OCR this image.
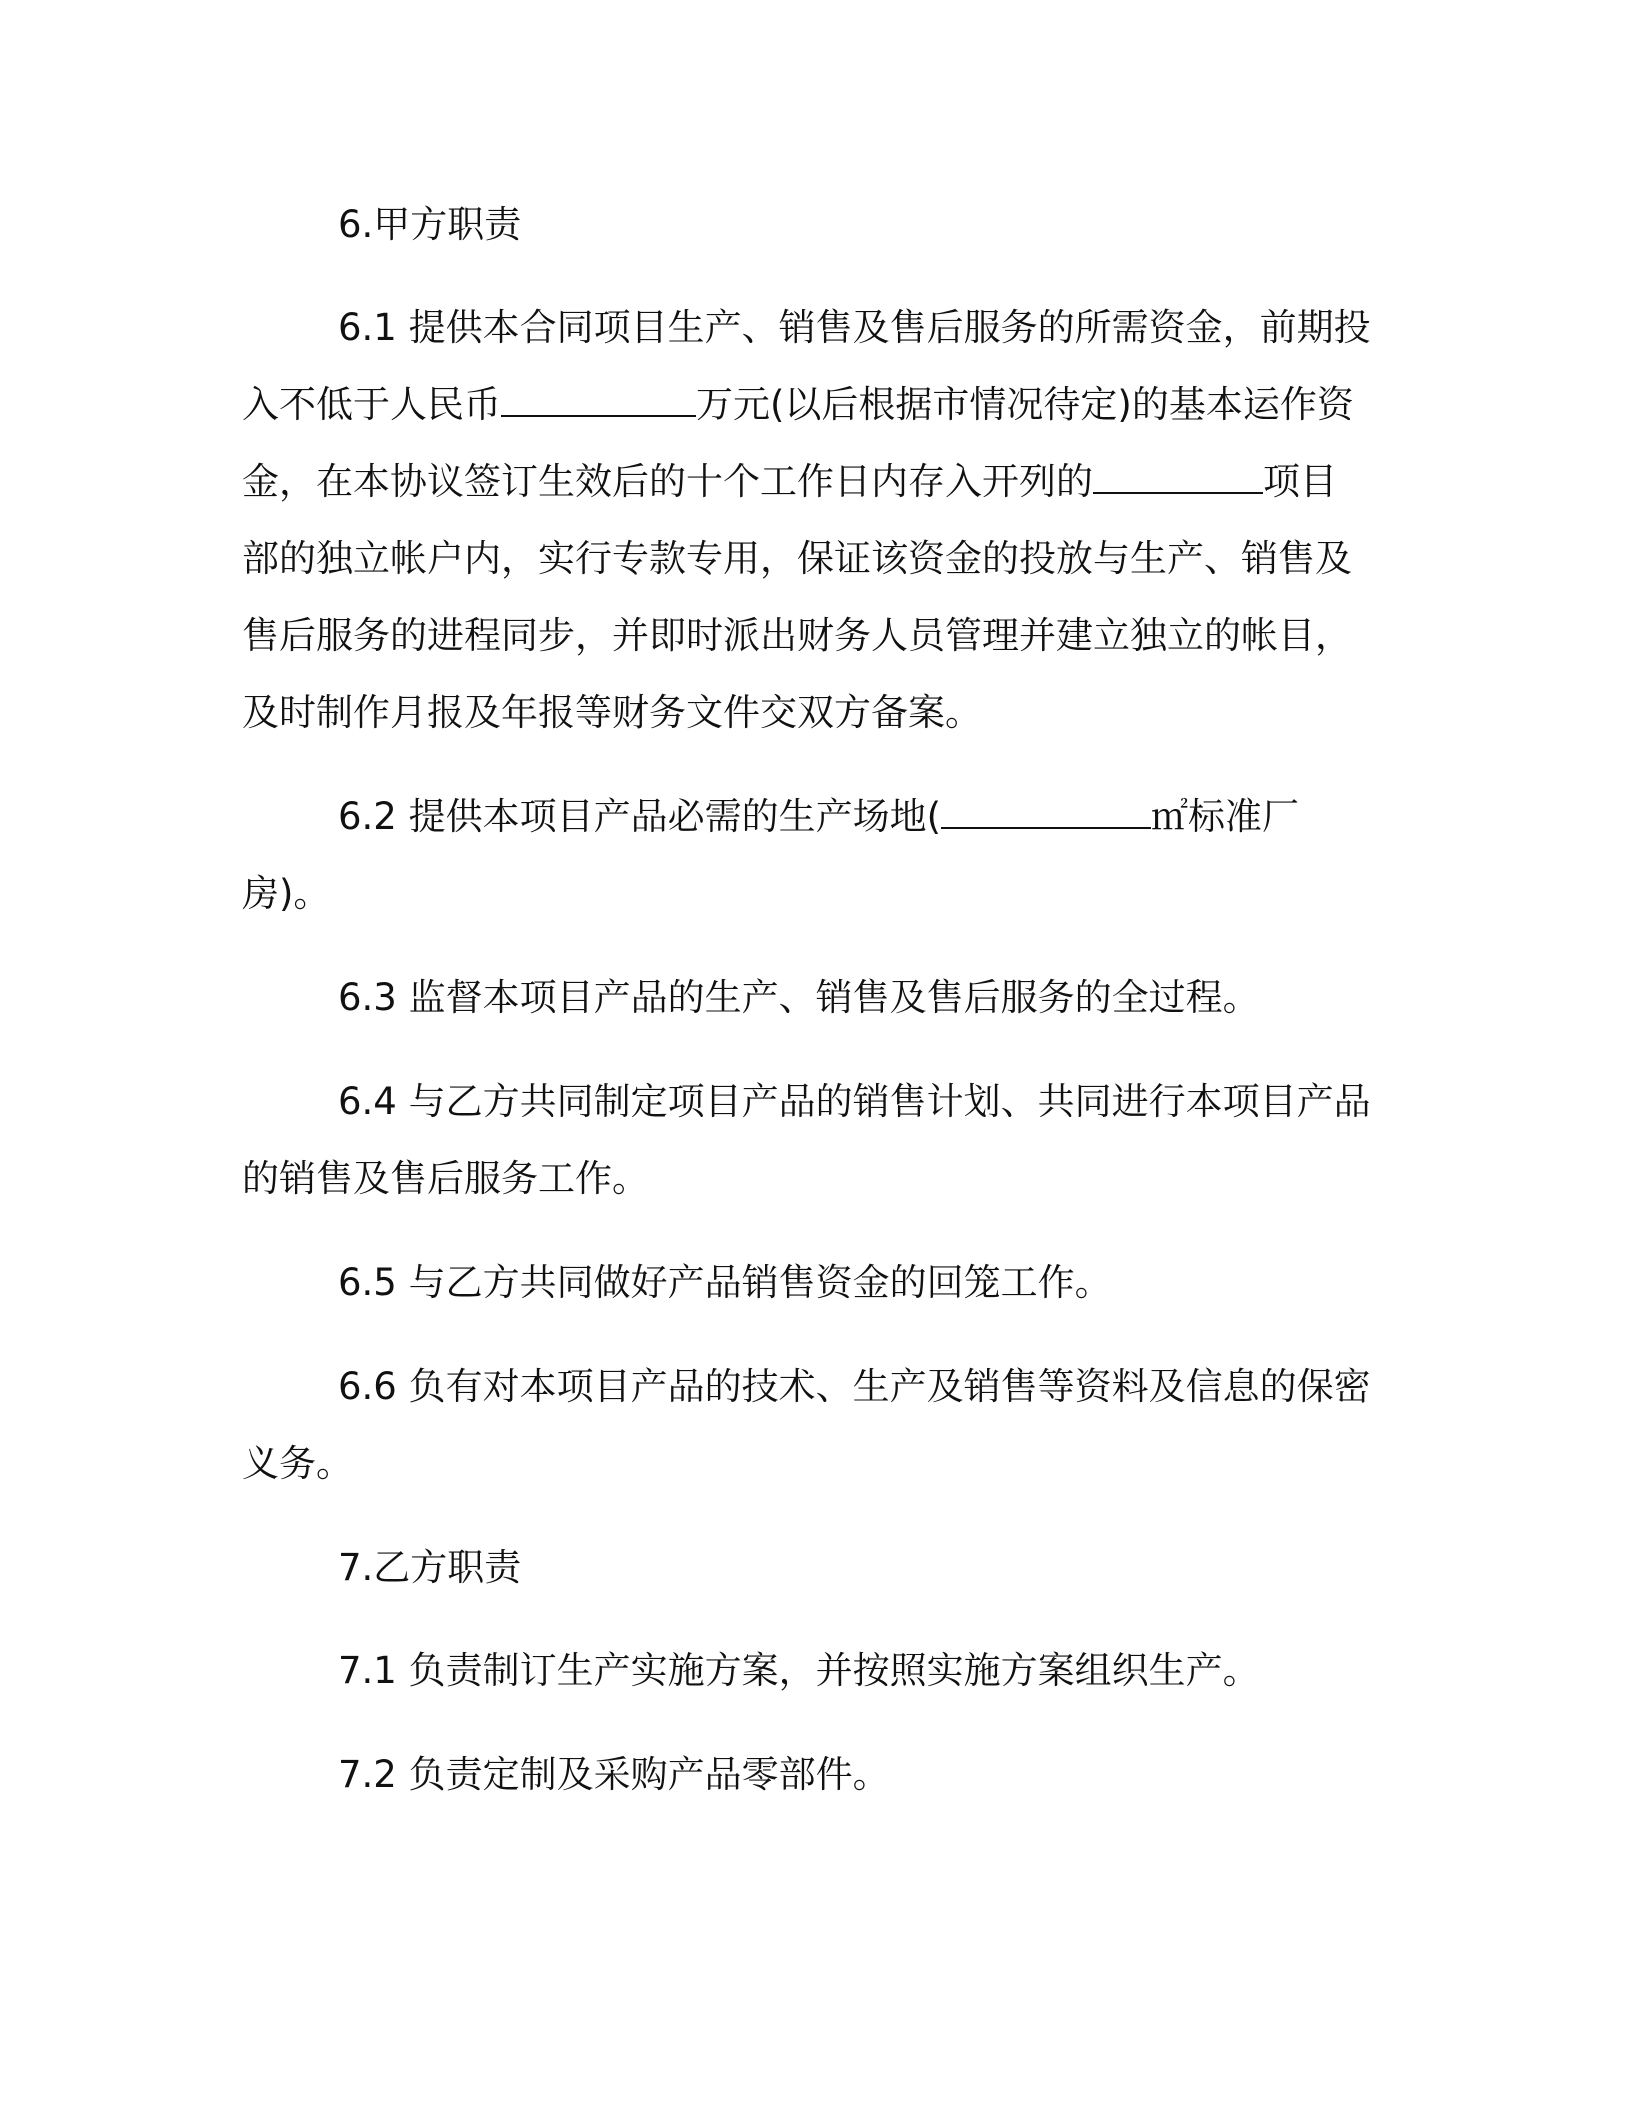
6.甲方职责

6.1 提供本合同项目生产、销售及售后服务的所需资金，前期投入不低于人民币	万元(以后根据市情况待定)的基本运作资金，在本协议签订生效后的十个工作日内存入开列的	项目部的独立帐户内，实行专款专用，保证该资金的投放与生产、销售及售后服务的进程同步，并即时派出财务人员管理并建立独立的帐目，及时制作月报及年报等财务文件交双方备案。

6.2 提供本项目产品必需的生产场地(	㎡标准厂房)。

6.3 监督本项目产品的生产、销售及售后服务的全过程。

6.4 与乙方共同制定项目产品的销售计划、共同进行本项目产品的销售及售后服务工作。

6.5 与乙方共同做好产品销售资金的回笼工作。

6.6 负有对本项目产品的技术、生产及销售等资料及信息的保密义务。

7.乙方职责

7.1 负责制订生产实施方案，并按照实施方案组织生产。

7.2 负责定制及采购产品零部件。
